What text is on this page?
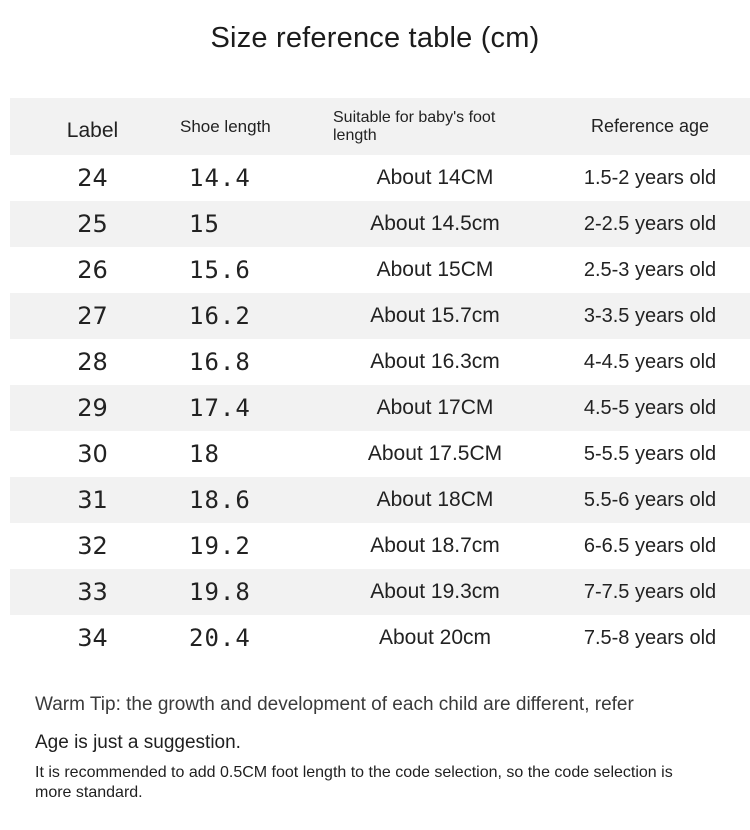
Size reference table (cm)
Label	Shoe length	Suitable for baby's foot length	Reference age
24	14.4	About 14CM	1.5-2 years old
25	15	About 14.5cm	2-2.5 years old
26	15.6	About 15CM	2.5-3 years old
27	16.2	About 15.7cm	3-3.5 years old
28	16.8	About 16.3cm	4-4.5 years old
29	17.4	About 17CM	4.5-5 years old
30	18	About 17.5CM	5-5.5 years old
31	18.6	About 18CM	5.5-6 years old
32	19.2	About 18.7cm	6-6.5 years old
33	19.8	About 19.3cm	7-7.5 years old
34	20.4	About 20cm	7.5-8 years old
Warm Tip: the growth and development of each child are different, refer
Age is just a suggestion.
It is recommended to add 0.5CM foot length to the code selection, so the code selection is more standard.
